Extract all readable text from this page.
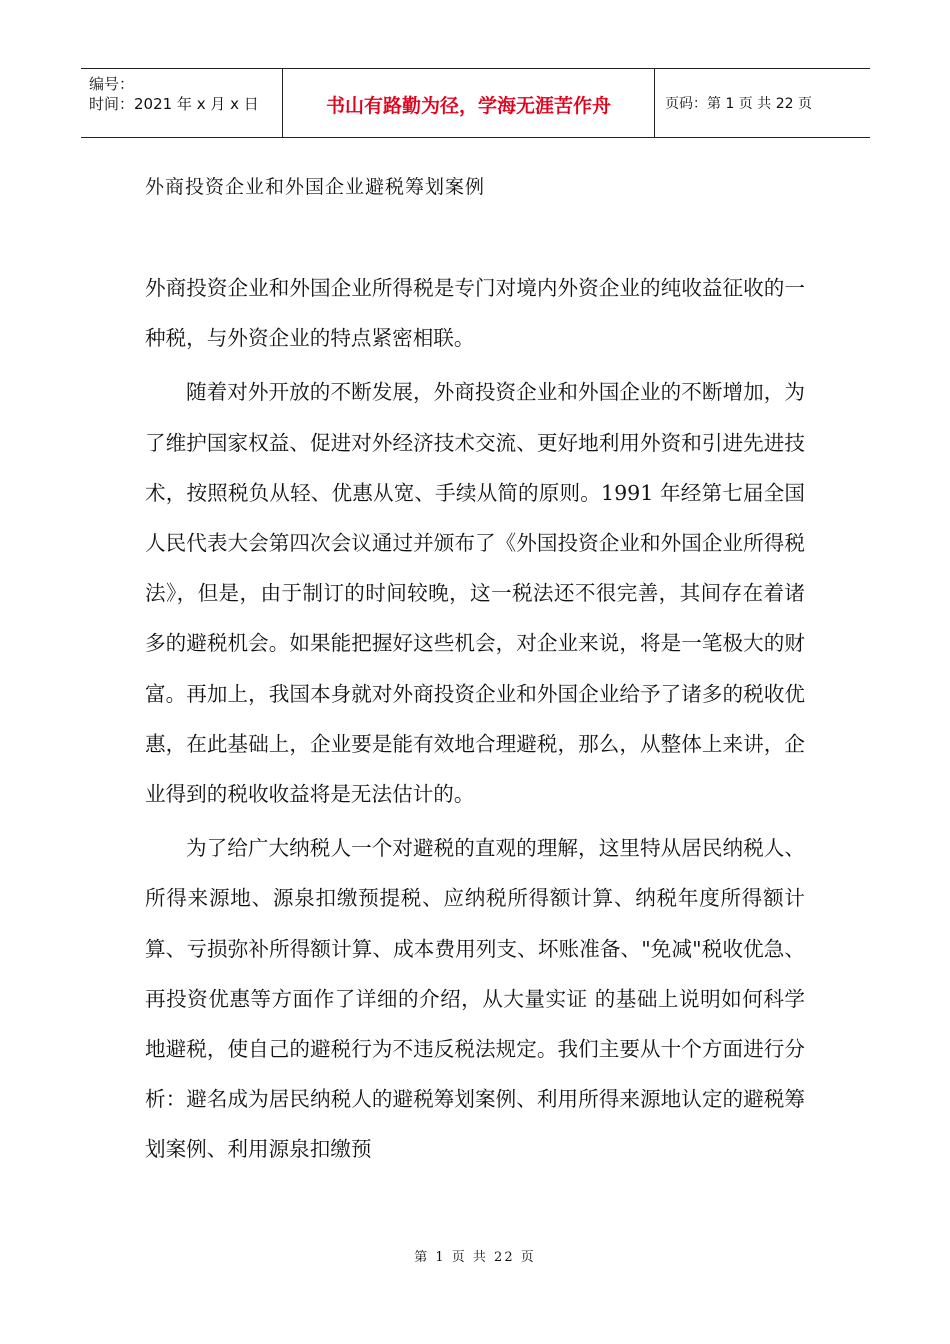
编号：
时间：2021 年 x 月 x 日	书山有路勤为径，学海无涯苦作舟	页码：第 1 页 共 22 页
外商投资企业和外国企业避税筹划案例

外商投资企业和外国企业所得税是专门对境内外资企业的纯收益征收的一种税，与外资企业的特点紧密相联。

随着对外开放的不断发展，外商投资企业和外国企业的不断增加，为了维护国家权益、促进对外经济技术交流、更好地利用外资和引进先进技术，按照税负从轻、优惠从宽、手续从简的原则。1991 年经第七届全国人民代表大会第四次会议通过并颁布了《外国投资企业和外国企业所得税法》，但是，由于制订的时间较晚，这一税法还不很完善，其间存在着诸多的避税机会。如果能把握好这些机会，对企业来说，将是一笔极大的财富。再加上，我国本身就对外商投资企业和外国企业给予了诸多的税收优惠，在此基础上，企业要是能有效地合理避税，那么，从整体上来讲，企业得到的税收收益将是无法估计的。

为了给广大纳税人一个对避税的直观的理解，这里特从居民纳税人、所得来源地、源泉扣缴预提税、应纳税所得额计算、纳税年度所得额计算、亏损弥补所得额计算、成本费用列支、坏账准备、"免减"税收优急、再投资优惠等方面作了详细的介绍，从大量实证 的基础上说明如何科学地避税，使自己的避税行为不违反税法规定。我们主要从十个方面进行分析：避名成为居民纳税人的避税筹划案例、利用所得来源地认定的避税筹划案例、利用源泉扣缴预

第 1 页 共 22 页
